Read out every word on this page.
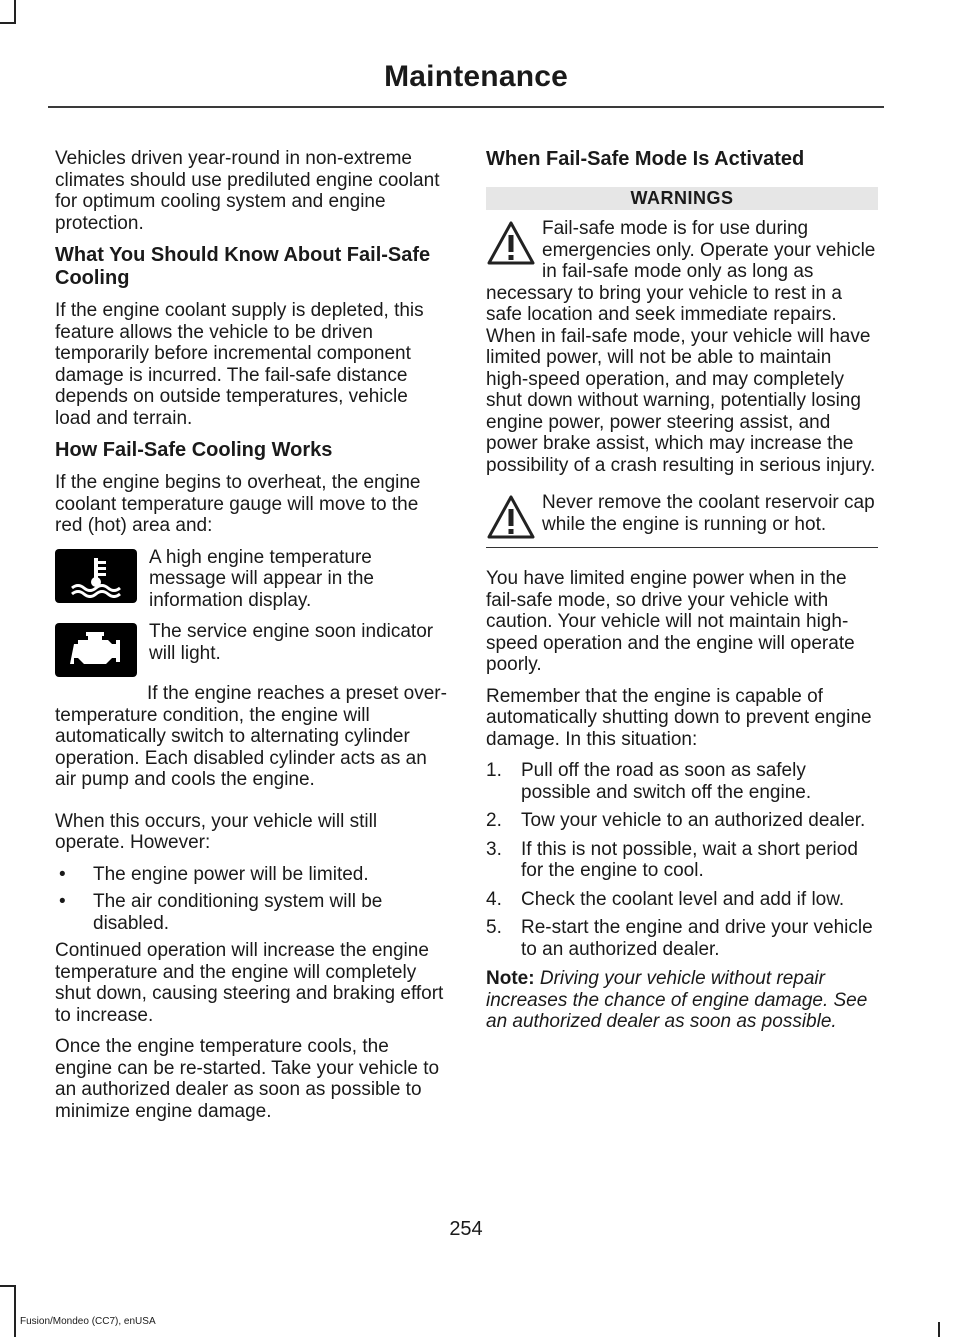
Maintenance

Vehicles driven year-round in non-extreme climates should use prediluted engine coolant for optimum cooling system and engine protection.

What You Should Know About Fail-Safe Cooling

If the engine coolant supply is depleted, this feature allows the vehicle to be driven temporarily before incremental component damage is incurred. The fail-safe distance depends on outside temperatures, vehicle load and terrain.

How Fail-Safe Cooling Works

If the engine begins to overheat, the engine coolant temperature gauge will move to the red (hot) area and:

A high engine temperature message will appear in the information display.
The service engine soon indicator will light.

If the engine reaches a preset over-temperature condition, the engine will automatically switch to alternating cylinder operation. Each disabled cylinder acts as an air pump and cools the engine.

When this occurs, your vehicle will still operate. However:

•	The engine power will be limited.
•	The air conditioning system will be disabled.

Continued operation will increase the engine temperature and the engine will completely shut down, causing steering and braking effort to increase.

Once the engine temperature cools, the engine can be re-started. Take your vehicle to an authorized dealer as soon as possible to minimize engine damage.

When Fail-Safe Mode Is Activated
WARNINGS
Fail-safe mode is for use during emergencies only. Operate your vehicle in fail-safe mode only as long as necessary to bring your vehicle to rest in a safe location and seek immediate repairs. When in fail-safe mode, your vehicle will have limited power, will not be able to maintain high-speed operation, and may completely shut down without warning, potentially losing engine power, power steering assist, and power brake assist, which may increase the possibility of a crash resulting in serious injury.
Never remove the coolant reservoir cap while the engine is running or hot.

You have limited engine power when in the fail-safe mode, so drive your vehicle with caution. Your vehicle will not maintain high-speed operation and the engine will operate poorly.

Remember that the engine is capable of automatically shutting down to prevent engine damage. In this situation:

1.	Pull off the road as soon as safely possible and switch off the engine.
2.	Tow your vehicle to an authorized dealer.
3.	If this is not possible, wait a short period for the engine to cool.
4.	Check the coolant level and add if low.
5.	Re-start the engine and drive your vehicle to an authorized dealer.

Note: Driving your vehicle without repair increases the chance of engine damage. See an authorized dealer as soon as possible.

254
Fusion/Mondeo (CC7), enUSA
